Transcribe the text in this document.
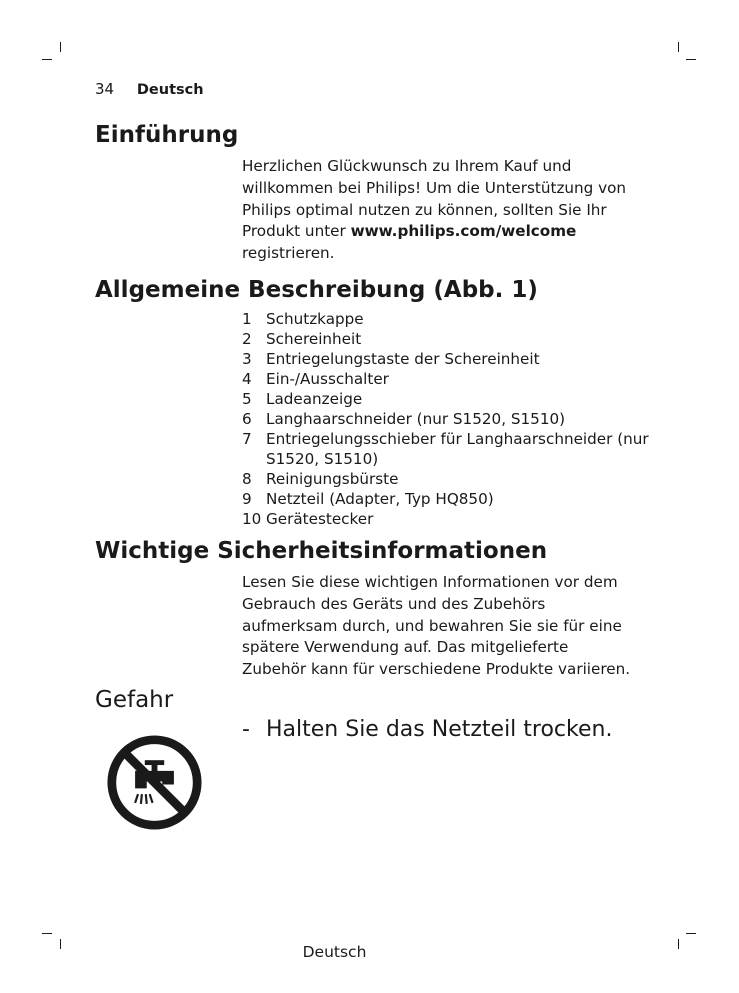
34 Deutsch
Einführung
Herzlichen Glückwunsch zu Ihrem Kauf und
willkommen bei Philips! Um die Unterstützung von
Philips optimal nutzen zu können, sollten Sie Ihr
Produkt unter www.philips.com/welcome
registrieren.
Allgemeine Beschreibung (Abb. 1)
1 Schutzkappe
2 Schereinheit
3 Entriegelungstaste der Schereinheit
4 Ein-/Ausschalter
5 Ladeanzeige
6 Langhaarschneider (nur S1520, S1510)
7 Entriegelungsschieber für Langhaarschneider (nur S1520, S1510)
8 Reinigungsbürste
9 Netzteil (Adapter, Typ HQ850)
10 Gerätestecker
Wichtige Sicherheitsinformationen
Lesen Sie diese wichtigen Informationen vor dem
Gebrauch des Geräts und des Zubehörs
aufmerksam durch, und bewahren Sie sie für eine
spätere Verwendung auf. Das mitgelieferte
Zubehör kann für verschiedene Produkte variieren.
Gefahr
- Halten Sie das Netzteil trocken.
Deutsch
